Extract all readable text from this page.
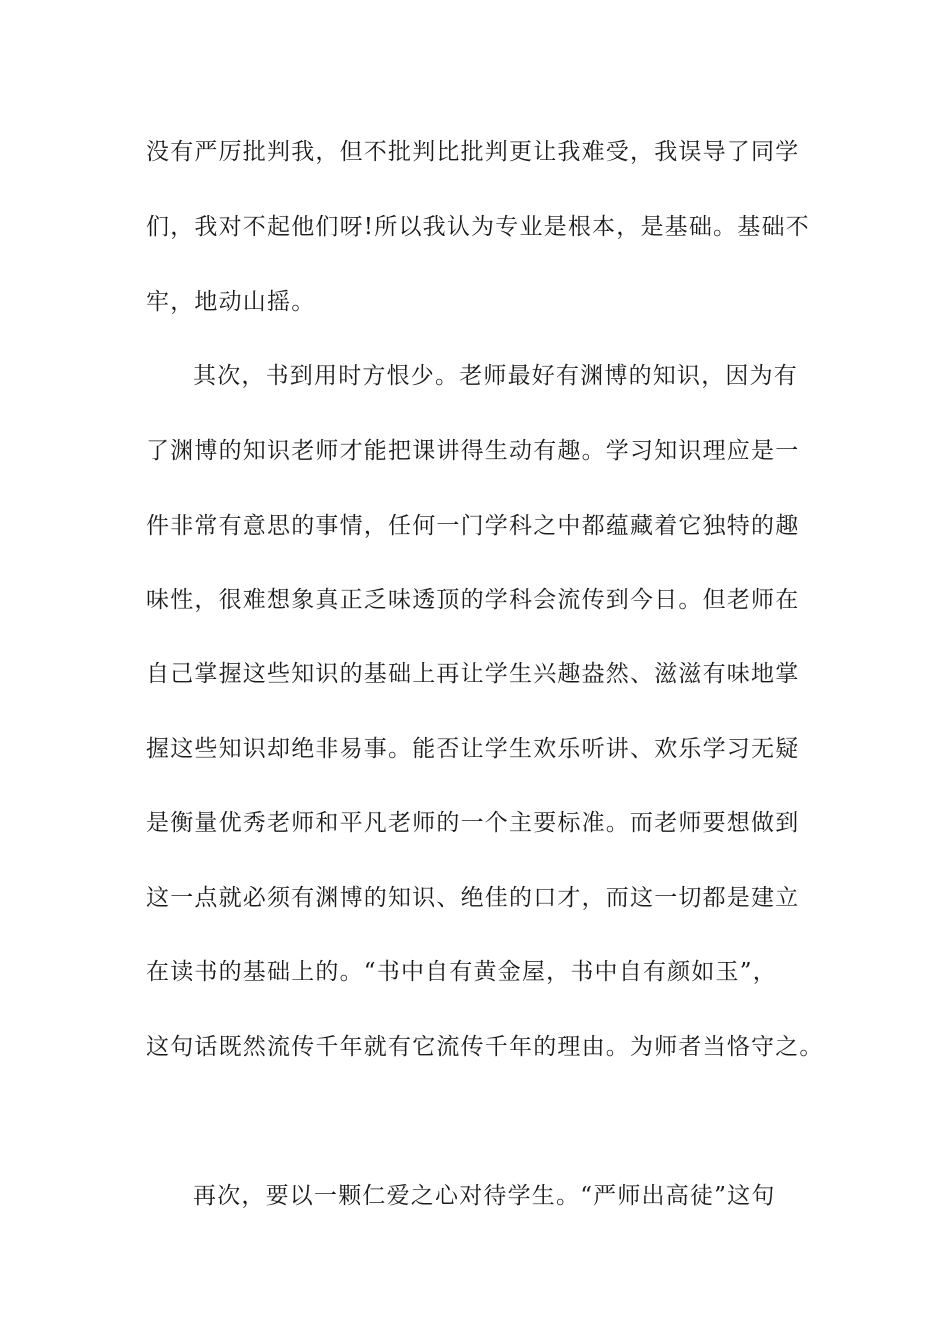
没有严厉批判我，但不批判比批判更让我难受，我误导了同学
们，我对不起他们呀!所以我认为专业是根本，是基础。基础不
牢，地动山摇。
其次，书到用时方恨少。老师最好有渊博的知识，因为有
了渊博的知识老师才能把课讲得生动有趣。学习知识理应是一
件非常有意思的事情，任何一门学科之中都蕴藏着它独特的趣
味性，很难想象真正乏味透顶的学科会流传到今日。但老师在
自己掌握这些知识的基础上再让学生兴趣盎然、滋滋有味地掌
握这些知识却绝非易事。能否让学生欢乐听讲、欢乐学习无疑
是衡量优秀老师和平凡老师的一个主要标准。而老师要想做到
这一点就必须有渊博的知识、绝佳的口才，而这一切都是建立
在读书的基础上的。“书中自有黄金屋，书中自有颜如玉”，
这句话既然流传千年就有它流传千年的理由。为师者当恪守之。
再次，要以一颗仁爱之心对待学生。“严师出高徒”这句
